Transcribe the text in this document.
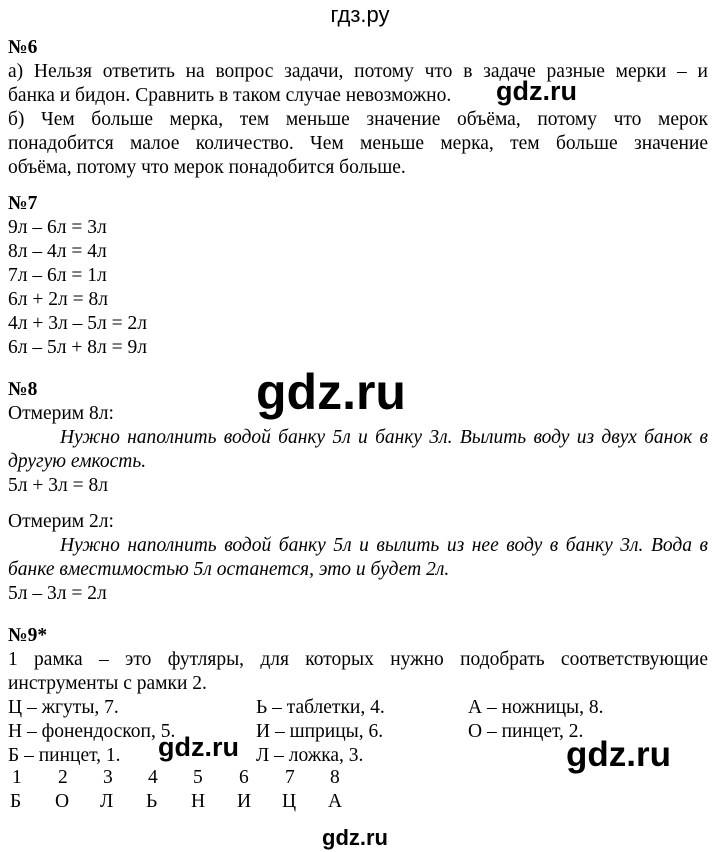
гдз.ру
№6
а) Нельзя ответить на вопрос задачи, потому что в задаче разные мерки – и
банка и бидон. Сравнить в таком случае невозможно.
б) Чем больше мерка, тем меньше значение объёма, потому что мерок
понадобится малое количество. Чем меньше мерка, тем больше значение
объёма, потому что мерок понадобится больше.
№7
9л – 6л = 3л
8л – 4л = 4л
7л – 6л = 1л
6л + 2л = 8л
4л + 3л – 5л = 2л
6л – 5л + 8л = 9л
№8
Отмерим 8л:
Нужно наполнить водой банку 5л и банку 3л. Вылить воду из двух банок в
другую емкость.
5л + 3л = 8л
Отмерим 2л:
Нужно наполнить водой банку 5л и вылить из нее воду в банку 3л. Вода в
банке вместимостью 5л останется, это и будет 2л.
5л – 3л = 2л
№9*
1 рамка – это футляры, для которых нужно подобрать соответствующие
инструменты с рамки 2.
Ц – жгуты, 7.	Ь – таблетки, 4.	А – ножницы, 8.
Н – фонендоскоп, 5.	И – шприцы, 6.	О – пинцет, 2.
Б – пинцет, 1.	Л – ложка, 3.
1 2 3 4 5 6 7 8
Б О Л Ь Н И Ц А
gdz.ru
gdz.ru
gdz.ru	gdz.ru
gdz.ru
